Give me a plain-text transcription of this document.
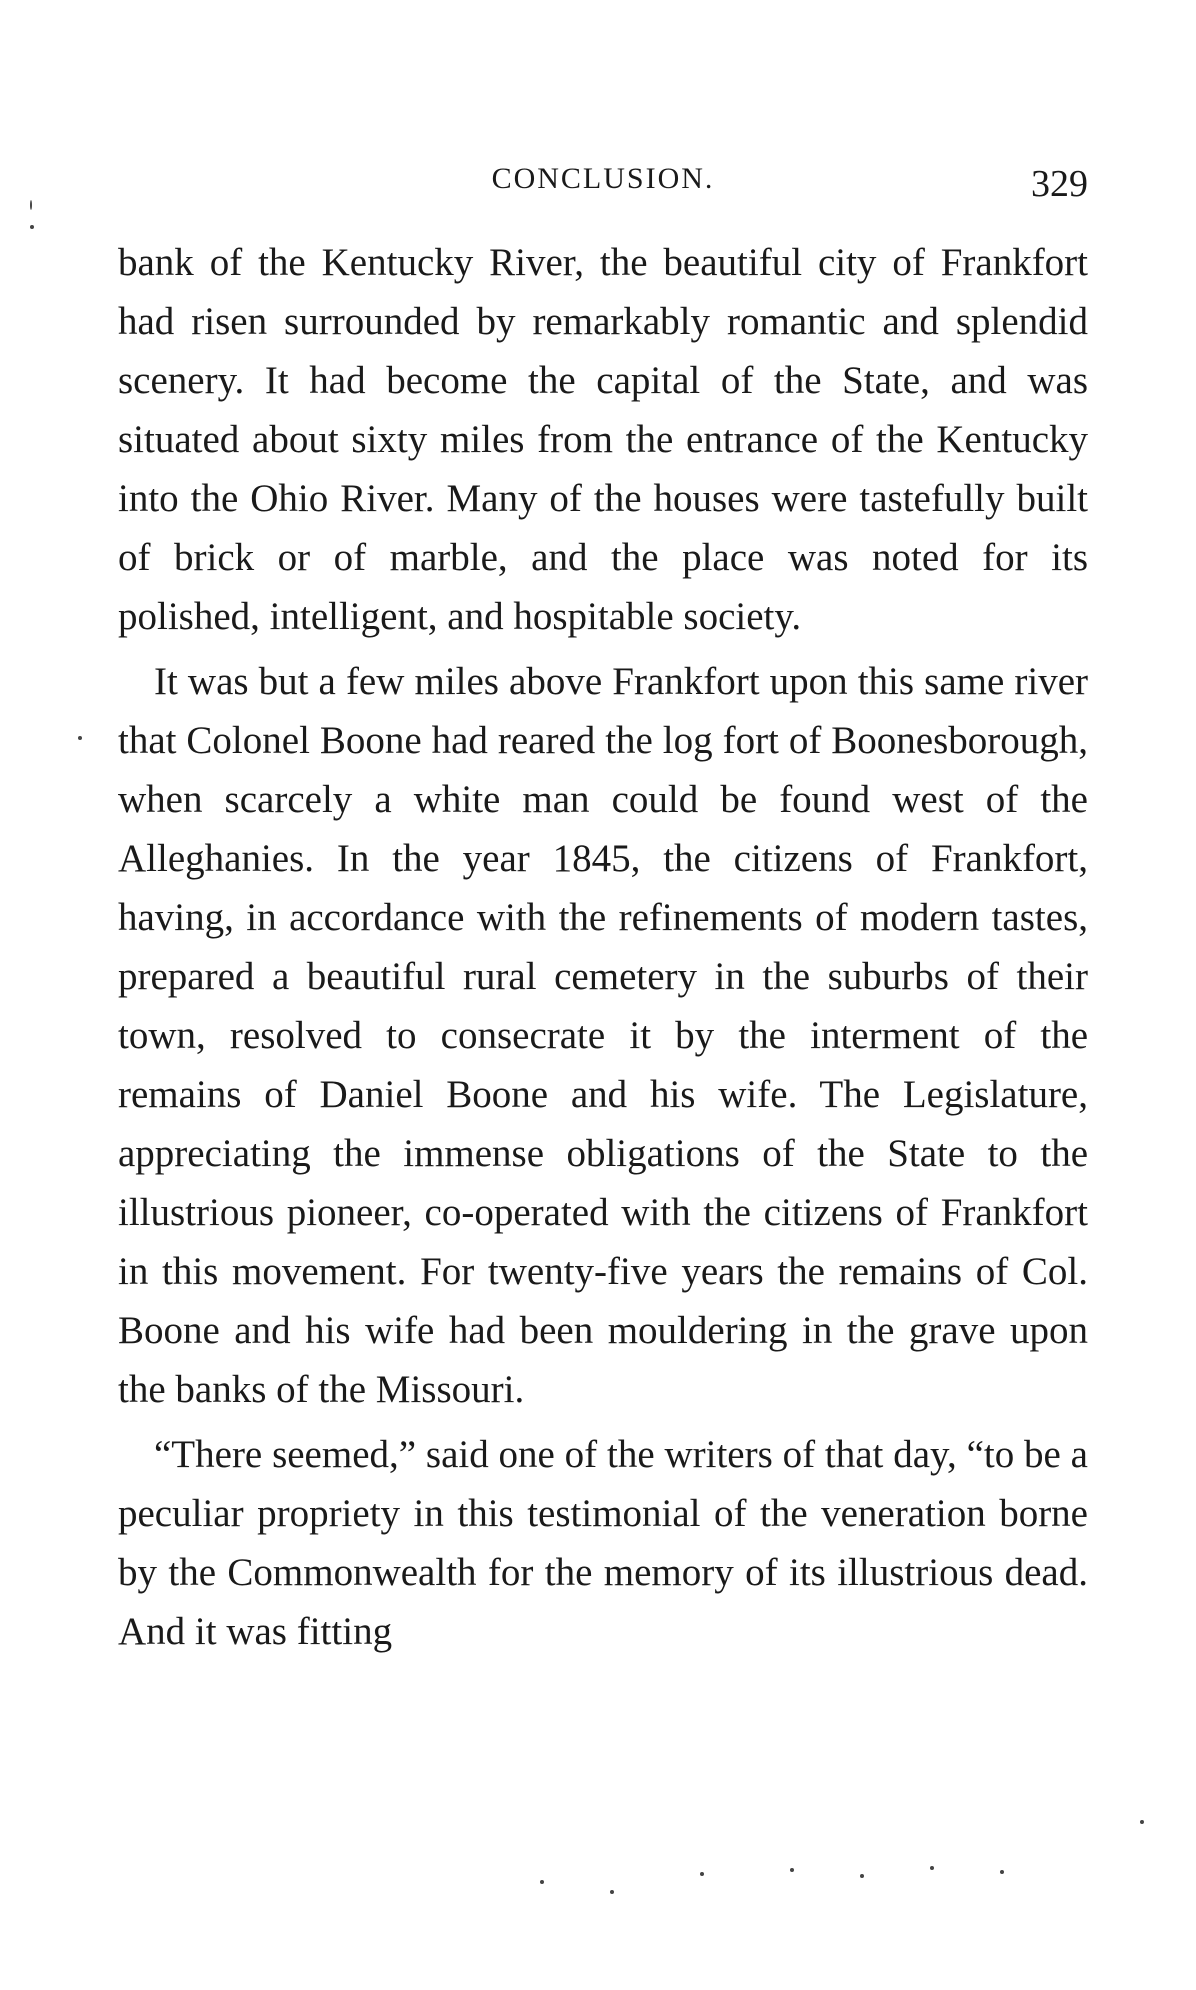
CONCLUSION.	329

bank of the Kentucky River, the beautiful city of Frankfort had risen surrounded by remarkably romantic and splendid scenery. It had become the capital of the State, and was situated about sixty miles from the entrance of the Kentucky into the Ohio River. Many of the houses were tastefully built of brick or of marble, and the place was noted for its polished, intelligent, and hospitable society.

It was but a few miles above Frankfort upon this same river that Colonel Boone had reared the log fort of Boonesborough, when scarcely a white man could be found west of the Alleghanies. In the year 1845, the citizens of Frankfort, having, in accordance with the refinements of modern tastes, prepared a beautiful rural cemetery in the suburbs of their town, resolved to consecrate it by the interment of the remains of Daniel Boone and his wife. The Legislature, appreciating the immense obligations of the State to the illustrious pioneer, co-operated with the citizens of Frankfort in this movement. For twenty-five years the remains of Col. Boone and his wife had been mouldering in the grave upon the banks of the Missouri.

“There seemed,” said one of the writers of that day, “to be a peculiar propriety in this testimonial of the veneration borne by the Commonwealth for the memory of its illustrious dead. And it was fitting
